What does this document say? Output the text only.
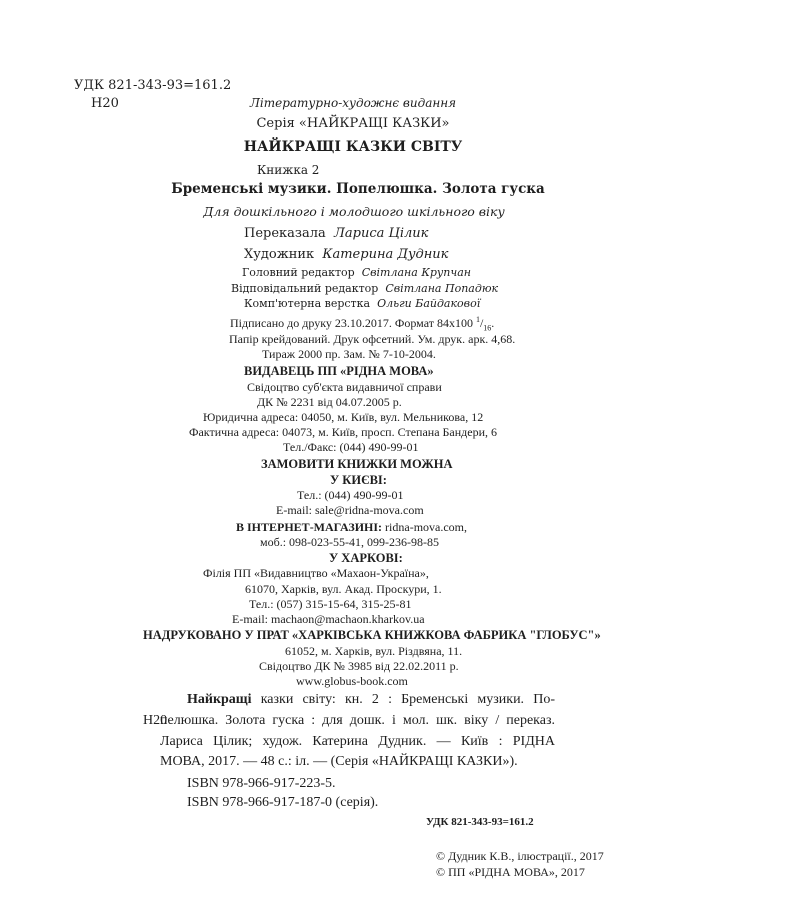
УДК 821-343-93=161.2
Н20	Літературно-художнє видання
Серія «НАЙКРАЩІ КАЗКИ»
НАЙКРАЩІ КАЗКИ СВІТУ
Книжка 2
Бременські музики. Попелюшка. Золота гуска
Для дошкільного і молодшого шкільного віку
Переказала Лариса Цілик
Художник Катерина Дудник
Головний редактор Світлана Крупчан
Відповідальний редактор Світлана Попадюк
Комп'ютерна верстка Ольги Байдакової
Підписано до друку 23.10.2017. Формат 84х100 $^1/_{16}$.
Папір крейдований. Друк офсетний. Ум. друк. арк. 4,68.
Тираж 2000 пр. Зам. № 7-10-2004.
ВИДАВЕЦЬ ПП «РІДНА МОВА»
Свідоцтво суб'єкта видавничої справи
ДК № 2231 від 04.07.2005 р.
Юридична адреса: 04050, м. Київ, вул. Мельникова, 12
Фактична адреса: 04073, м. Київ, просп. Степана Бандери, 6
Тел./Факс: (044) 490-99-01
ЗАМОВИТИ КНИЖКИ МОЖНА
У КИЄВІ:
Тел.: (044) 490-99-01
E-mail: sale@ridna-mova.com
В ІНТЕРНЕТ-МАГАЗИНІ: ridna-mova.com,
моб.: 098-023-55-41, 099-236-98-85
У ХАРКОВІ:
Філія ПП «Видавництво «Махаон-Україна»,
61070, Харків, вул. Акад. Проскури, 1.
Тел.: (057) 315-15-64, 315-25-81
E-mail: machaon@machaon.kharkov.ua
НАДРУКОВАНО У ПРАТ «ХАРКІВСЬКА КНИЖКОВА ФАБРИКА "ГЛОБУС"»
61052, м. Харків, вул. Різдвяна, 11.
Свідоцтво ДК № 3985 від 22.02.2011 р.
www.globus-book.com
Найкращі казки світу: кн. 2 : Бременські музики. По-
Н20
пелюшка. Золота гуска : для дошк. і мол. шк. віку / переказ.
Лариса Цілик; худож. Катерина Дудник. — Київ : РІДНА
МОВА, 2017. — 48 с.: іл. — (Серія «НАЙКРАЩІ КАЗКИ»).
ISBN 978-966-917-223-5.
ISBN 978-966-917-187-0 (серія).
УДК 821-343-93=161.2
© Дудник К.В., ілюстрації., 2017
© ПП «РІДНА МОВА», 2017
